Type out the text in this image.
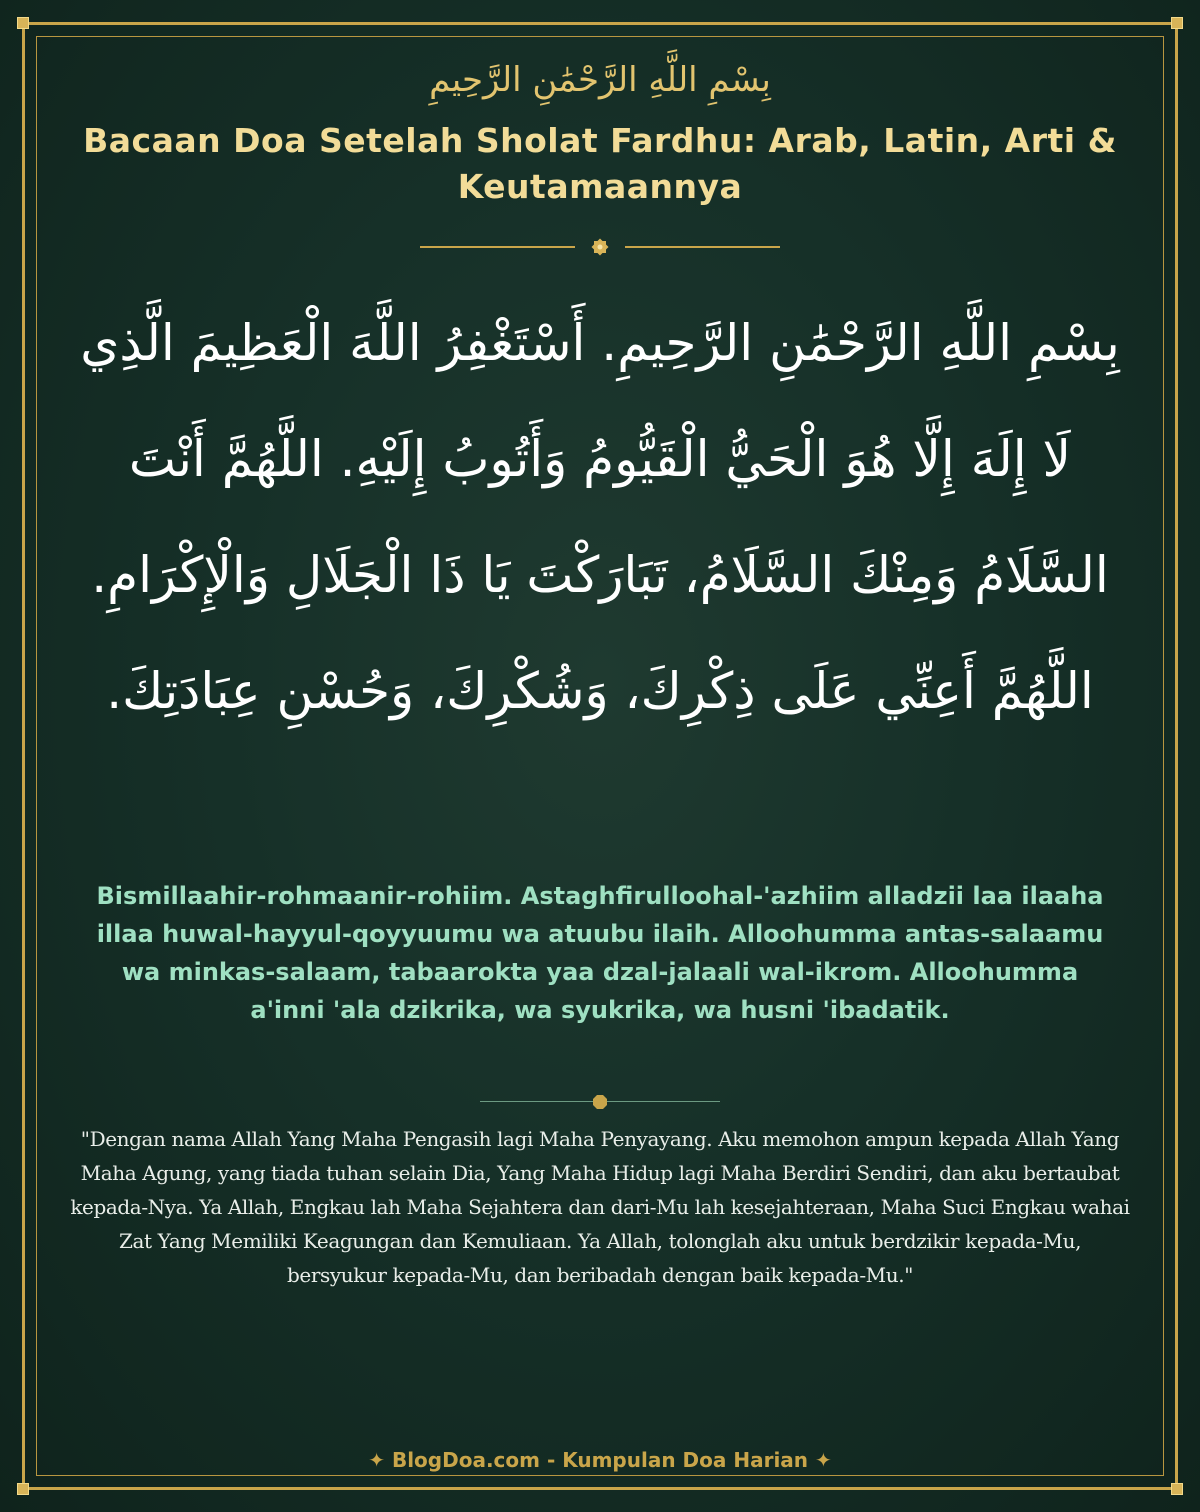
بِسْمِ اللَّهِ الرَّحْمَٰنِ الرَّحِيمِ
Bacaan Doa Setelah Sholat Fardhu: Arab, Latin, Arti & Keutamaannya
بِسْمِ اللَّهِ الرَّحْمَٰنِ الرَّحِيمِ. أَسْتَغْفِرُ اللَّهَ الْعَظِيمَ الَّذِي لَا إِلَهَ إِلَّا هُوَ الْحَيُّ الْقَيُّومُ وَأَتُوبُ إِلَيْهِ. اللَّهُمَّ أَنْتَ السَّلَامُ وَمِنْكَ السَّلَامُ، تَبَارَكْتَ يَا ذَا الْجَلَالِ وَالْإِكْرَامِ. اللَّهُمَّ أَعِنِّي عَلَى ذِكْرِكَ، وَشُكْرِكَ، وَحُسْنِ عِبَادَتِكَ.
Bismillaahir-rohmaanir-rohiim. Astaghfirulloohal-'azhiim alladzii laa ilaaha illaa huwal-hayyul-qoyyuumu wa atuubu ilaih. Alloohumma antas-salaamu wa minkas-salaam, tabaarokta yaa dzal-jalaali wal-ikrom. Alloohumma a'inni 'ala dzikrika, wa syukrika, wa husni 'ibadatik.
"Dengan nama Allah Yang Maha Pengasih lagi Maha Penyayang. Aku memohon ampun kepada Allah Yang Maha Agung, yang tiada tuhan selain Dia, Yang Maha Hidup lagi Maha Berdiri Sendiri, dan aku bertaubat kepada-Nya. Ya Allah, Engkau lah Maha Sejahtera dan dari-Mu lah kesejahteraan, Maha Suci Engkau wahai Zat Yang Memiliki Keagungan dan Kemuliaan. Ya Allah, tolonglah aku untuk berdzikir kepada-Mu, bersyukur kepada-Mu, dan beribadah dengan baik kepada-Mu."
✦ BlogDoa.com - Kumpulan Doa Harian ✦
